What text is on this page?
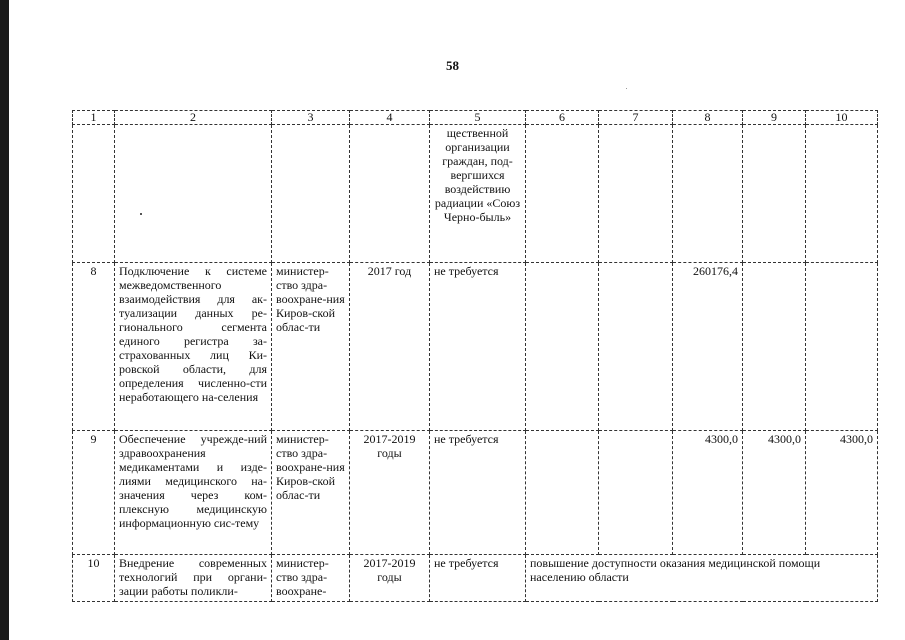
58
1	2	3	4	5	6	7	8	9	10
				щественной организации граждан, под-вергшихся воздействию радиации «Союз Черно-быль»					
8	Подключение к системе межведомственного взаимодействия для ак-туализации данных ре-гионального сегмента единого регистра за-страхованных лиц Ки-ровской области, для определения численно-сти неработающего на-селения	министер-ство здра-воохране-ния Киров-ской облас-ти	2017 год	не требуется			260176,4		
9	Обеспечение учрежде-ний здравоохранения медикаментами и изде-лиями медицинского на-значения через ком-плексную медицинскую информационную сис-тему	министер-ство здра-воохране-ния Киров-ской облас-ти	2017-2019 годы	не требуется			4300,0	4300,0	4300,0
10	Внедрение современных технологий при органи-зации работы поликли-	министер-ство здра-воохране-	2017-2019 годы	не требуется	повышение доступности оказания медицинской помощи населению области				
